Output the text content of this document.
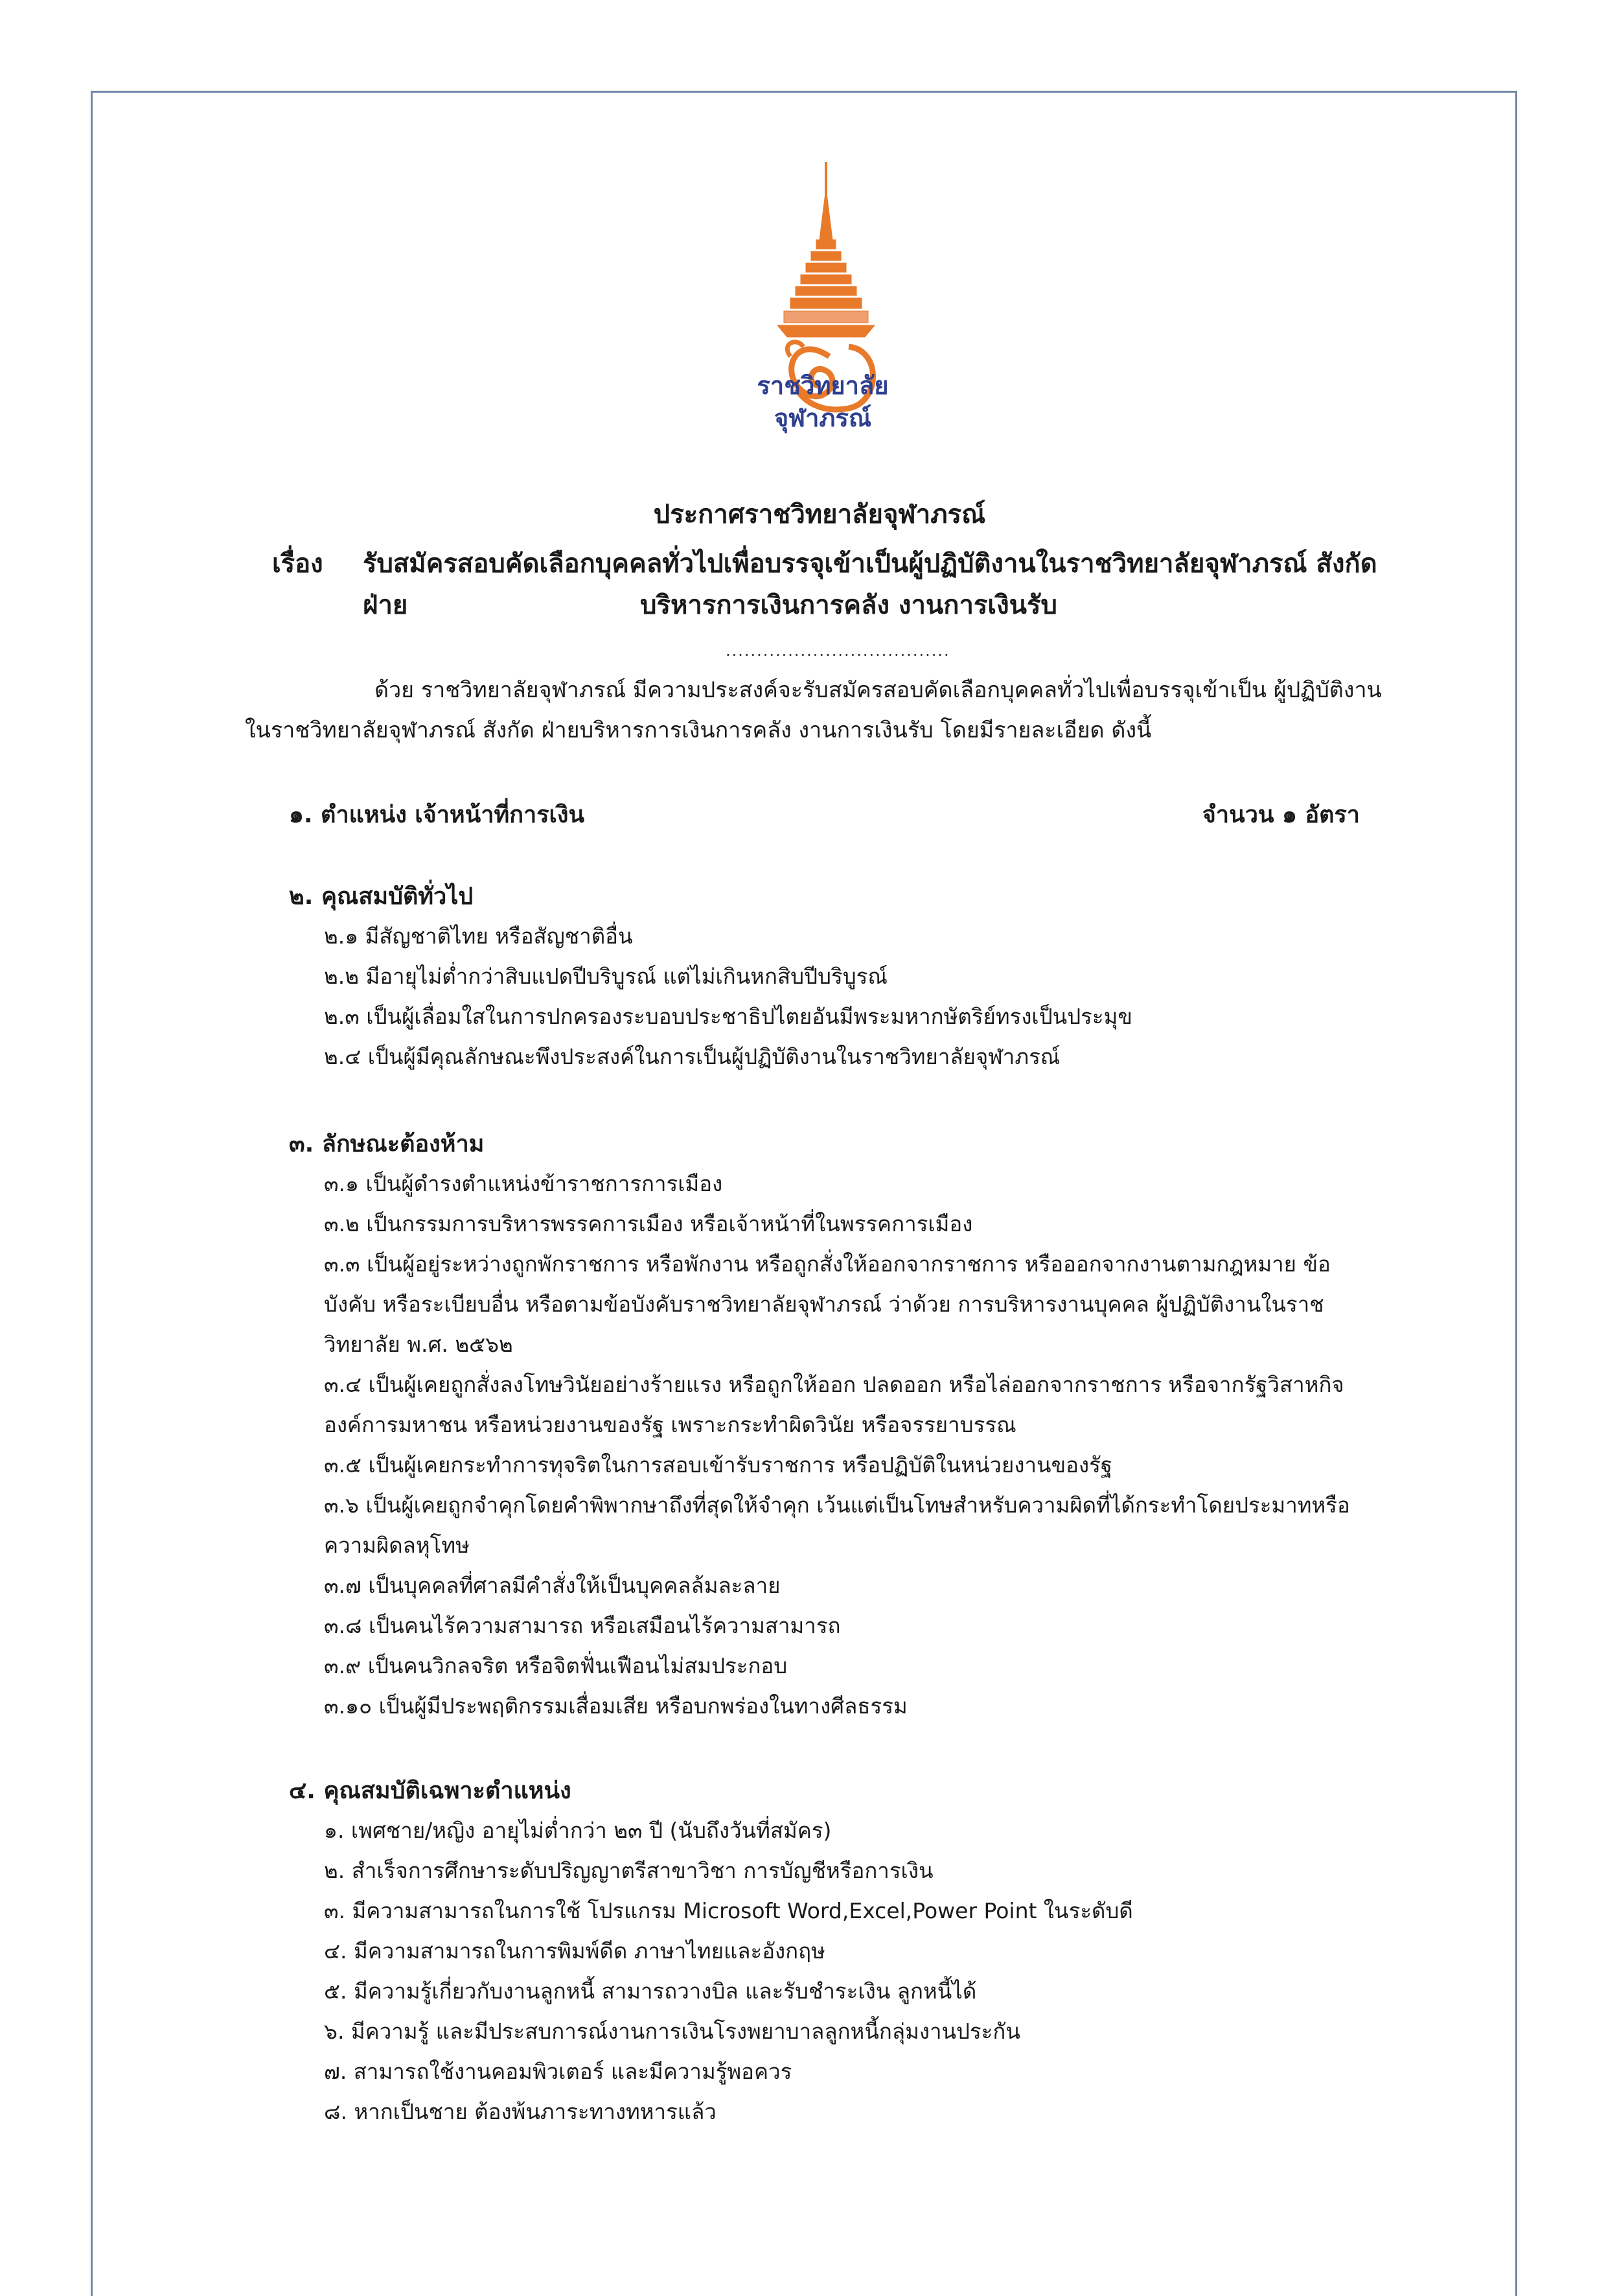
ราชวิทยาลัย
จุฬาภรณ์
ประกาศราชวิทยาลัยจุฬาภรณ์
เรื่อง รับสมัครสอบคัดเลือกบุคคลทั่วไปเพื่อบรรจุเข้าเป็นผู้ปฏิบัติงานในราชวิทยาลัยจุฬาภรณ์ สังกัด ฝ่าย	บริหารการเงินการคลัง งานการเงินรับ
....................................
ด้วย ราชวิทยาลัยจุฬาภรณ์ มีความประสงค์จะรับสมัครสอบคัดเลือกบุคคลทั่วไปเพื่อบรรจุเข้าเป็น ผู้ปฏิบัติงาน
ในราชวิทยาลัยจุฬาภรณ์ สังกัด ฝ่ายบริหารการเงินการคลัง งานการเงินรับ โดยมีรายละเอียด ดังนี้
๑. ตำแหน่ง เจ้าหน้าที่การเงิน	จำนวน ๑ อัตรา
๒. คุณสมบัติทั่วไป
๒.๑ มีสัญชาติไทย หรือสัญชาติอื่น
๒.๒ มีอายุไม่ต่ำกว่าสิบแปดปีบริบูรณ์ แต่ไม่เกินหกสิบปีบริบูรณ์
๒.๓ เป็นผู้เลื่อมใสในการปกครองระบอบประชาธิปไตยอันมีพระมหากษัตริย์ทรงเป็นประมุข
๒.๔ เป็นผู้มีคุณลักษณะพึงประสงค์ในการเป็นผู้ปฏิบัติงานในราชวิทยาลัยจุฬาภรณ์
๓. ลักษณะต้องห้าม
๓.๑ เป็นผู้ดำรงตำแหน่งข้าราชการการเมือง
๓.๒ เป็นกรรมการบริหารพรรคการเมือง หรือเจ้าหน้าที่ในพรรคการเมือง
๓.๓ เป็นผู้อยู่ระหว่างถูกพักราชการ หรือพักงาน หรือถูกสั่งให้ออกจากราชการ หรือออกจากงานตามกฎหมาย ข้อ
บังคับ หรือระเบียบอื่น หรือตามข้อบังคับราชวิทยาลัยจุฬาภรณ์ ว่าด้วย การบริหารงานบุคคล ผู้ปฏิบัติงานในราช
วิทยาลัย พ.ศ. ๒๕๖๒
๓.๔ เป็นผู้เคยถูกสั่งลงโทษวินัยอย่างร้ายแรง หรือถูกให้ออก ปลดออก หรือไล่ออกจากราชการ หรือจากรัฐวิสาหกิจ
องค์การมหาชน หรือหน่วยงานของรัฐ เพราะกระทำผิดวินัย หรือจรรยาบรรณ
๓.๕ เป็นผู้เคยกระทำการทุจริตในการสอบเข้ารับราชการ หรือปฏิบัติในหน่วยงานของรัฐ
๓.๖ เป็นผู้เคยถูกจำคุกโดยคำพิพากษาถึงที่สุดให้จำคุก เว้นแต่เป็นโทษสำหรับความผิดที่ได้กระทำโดยประมาทหรือ
ความผิดลหุโทษ
๓.๗ เป็นบุคคลที่ศาลมีคำสั่งให้เป็นบุคคลล้มละลาย
๓.๘ เป็นคนไร้ความสามารถ หรือเสมือนไร้ความสามารถ
๓.๙ เป็นคนวิกลจริต หรือจิตฟั่นเฟือนไม่สมประกอบ
๓.๑๐ เป็นผู้มีประพฤติกรรมเสื่อมเสีย หรือบกพร่องในทางศีลธรรม
๔. คุณสมบัติเฉพาะตำแหน่ง
๑. เพศชาย/หญิง อายุไม่ต่ำกว่า ๒๓ ปี (นับถึงวันที่สมัคร)
๒. สำเร็จการศึกษาระดับปริญญาตรีสาขาวิชา การบัญชีหรือการเงิน
๓. มีความสามารถในการใช้ โปรแกรม Microsoft Word,Excel,Power Point ในระดับดี
๔. มีความสามารถในการพิมพ์ดีด ภาษาไทยและอังกฤษ
๕. มีความรู้เกี่ยวกับงานลูกหนี้ สามารถวางบิล และรับชำระเงิน ลูกหนี้ได้
๖. มีความรู้ และมีประสบการณ์งานการเงินโรงพยาบาลลูกหนี้กลุ่มงานประกัน
๗. สามารถใช้งานคอมพิวเตอร์ และมีความรู้พอควร
๘. หากเป็นชาย ต้องพ้นภาระทางทหารแล้ว
